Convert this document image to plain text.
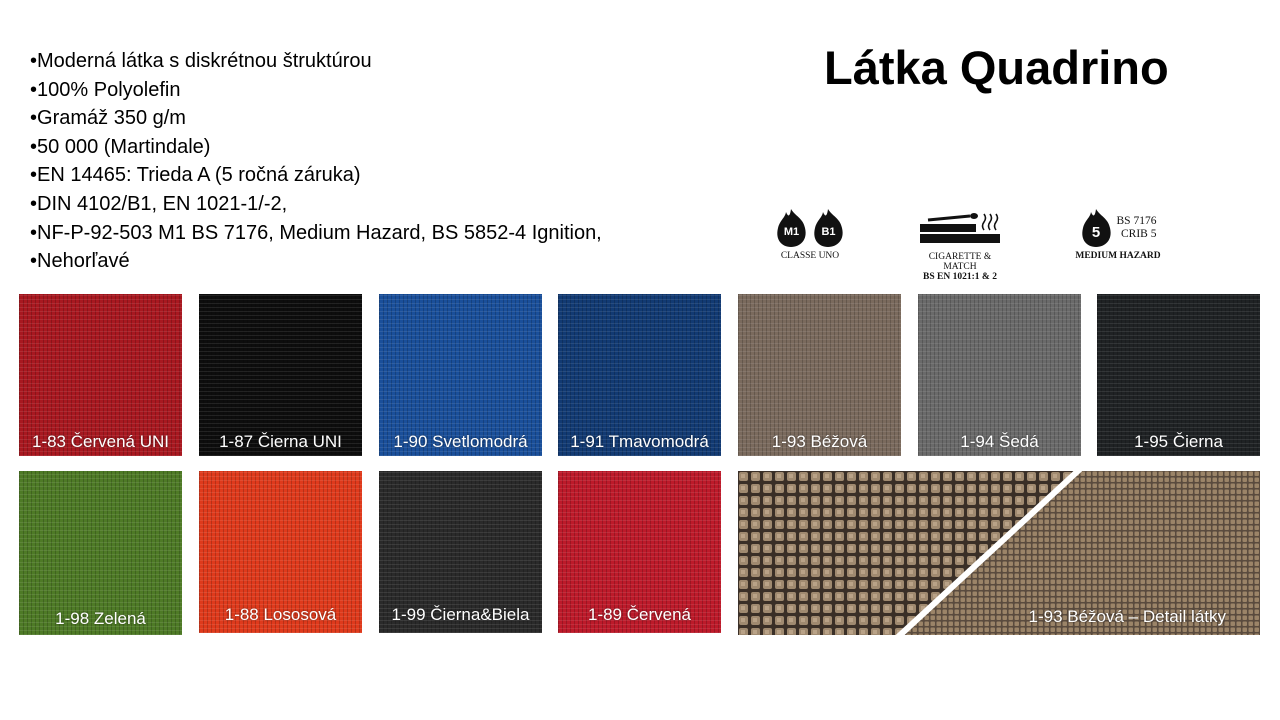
• Moderná látka s diskrétnou štruktúrou
• 100% Polyolefin
• Gramáž 350 g/m
• 50 000 (Martindale)
• EN 14465: Trieda A (5 ročná záruka)
• DIN 4102/B1, EN 1021-1/-2,
• NF-P-92-503 M1 BS 7176, Medium Hazard, BS 5852-4 Ignition,
• Nehorľavé
Látka Quadrino
M1	B1
CLASSE UNO	CIGARETTE & MATCH
BS EN 1021:1 & 2
5
BS 7176
CRIB 5
MEDIUM HAZARD
1-83 Červená UNI	1-87 Čierna UNI	1-90 Svetlomodrá	1-91 Tmavomodrá	1-93 Béžová	1-94 Šedá	1-95 Čierna
1-98 Zelená	1-88 Lososová	1-99 Čierna&Biela	1-89 Červená	1-93 Béžová – Detail látky
